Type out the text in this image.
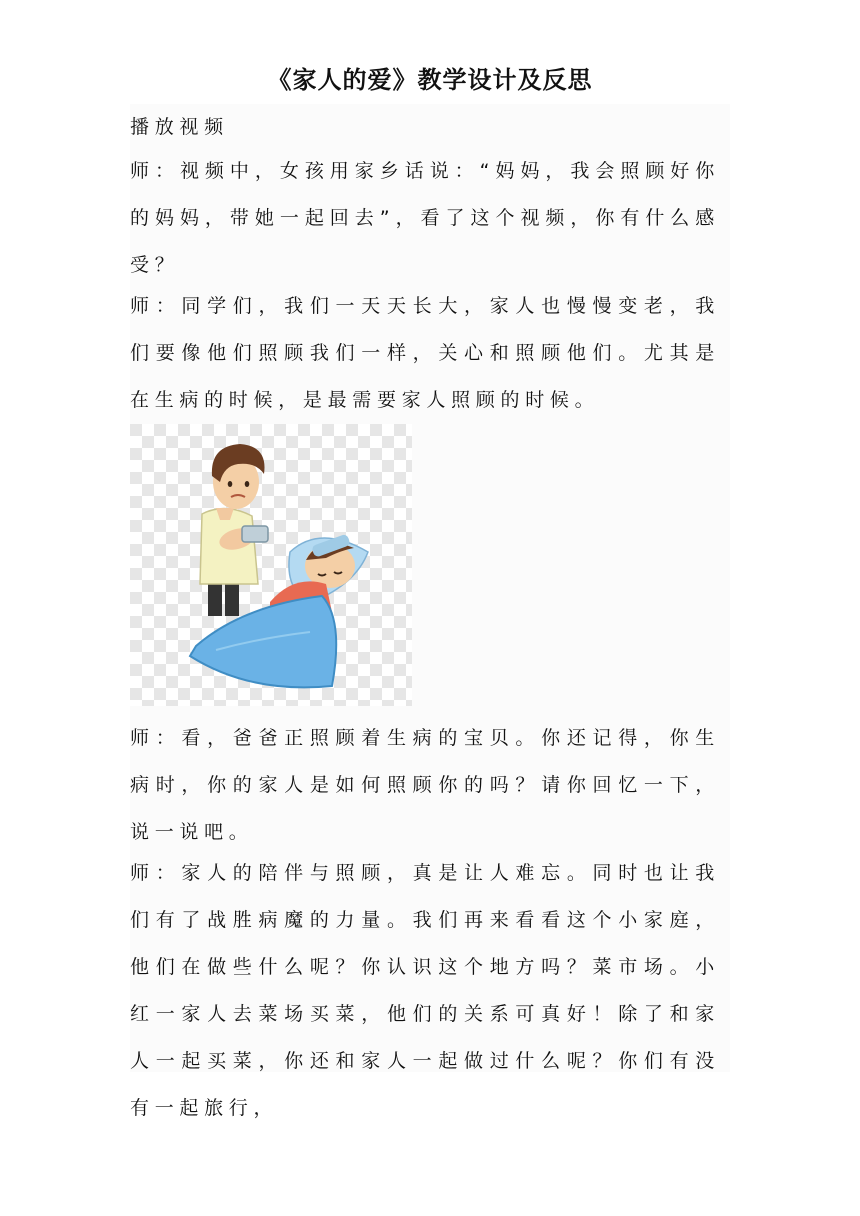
《家人的爱》教学设计及反思

播放视频

师：视频中，女孩用家乡话说：“妈妈，我会照顾好你的妈妈，带她一起回去”，看了这个视频，你有什么感受？

师：同学们，我们一天天长大，家人也慢慢变老，我们要像他们照顾我们一样，关心和照顾他们。尤其是在生病的时候，是最需要家人照顾的时候。

师：看，爸爸正照顾着生病的宝贝。你还记得，你生病时，你的家人是如何照顾你的吗？请你回忆一下，说一说吧。

师：家人的陪伴与照顾，真是让人难忘。同时也让我们有了战胜病魔的力量。我们再来看看这个小家庭，他们在做些什么呢？你认识这个地方吗？菜市场。小红一家人去菜场买菜，他们的关系可真好！除了和家人一起买菜，你还和家人一起做过什么呢？你们有没有一起旅行，
